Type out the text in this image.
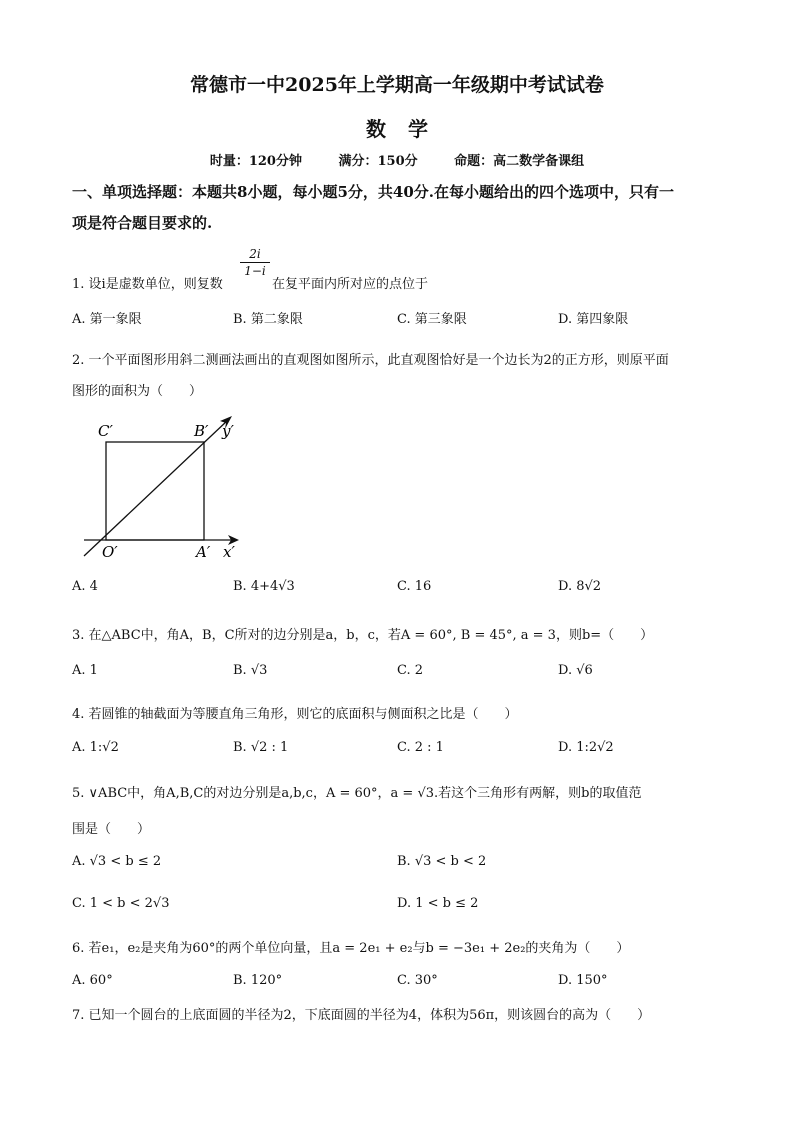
常德市一中2025年上学期高一年级期中考试试卷
数学
时量：120分钟	满分：150分	命题：高二数学备课组
一、单项选择题：本题共8小题，每小题5分，共40分.在每小题给出的四个选项中，只有一
项是符合题目要求的.
1. 设i是虚数单位，则复数
2i
1−i
在复平面内所对应的点位于
A. 第一象限	B. 第二象限	C. 第三象限	D. 第四象限
2. 一个平面图形用斜二测画法画出的直观图如图所示，此直观图恰好是一个边长为2的正方形，则原平面
图形的面积为（　　）
C′	B′ y′
O′	A′ x′
A. 4	B. 4+4√3	C. 16	D. 8√2
3. 在△ABC中，角A，B，C所对的边分别是a，b，c，若A = 60°, B = 45°, a = 3，则b=（　　）
A. 1	B. √3	C. 2	D. √6
4. 若圆锥的轴截面为等腰直角三角形，则它的底面积与侧面积之比是（　　）
A. 1:√2	B. √2 : 1	C. 2 : 1	D. 1:2√2
5. ∨ABC中，角A,B,C的对边分别是a,b,c，A = 60°，a = √3.若这个三角形有两解，则b的取值范
围是（　　）
A. √3 < b ≤ 2	B. √3 < b < 2
C. 1 < b < 2√3	D. 1 < b ≤ 2
6. 若e₁，e₂是夹角为60°的两个单位向量，且a = 2e₁ + e₂与b = −3e₁ + 2e₂的夹角为（　　）
A. 60°	B. 120°	C. 30°	D. 150°
7. 已知一个圆台的上底面圆的半径为2，下底面圆的半径为4，体积为56π，则该圆台的高为（　　）
